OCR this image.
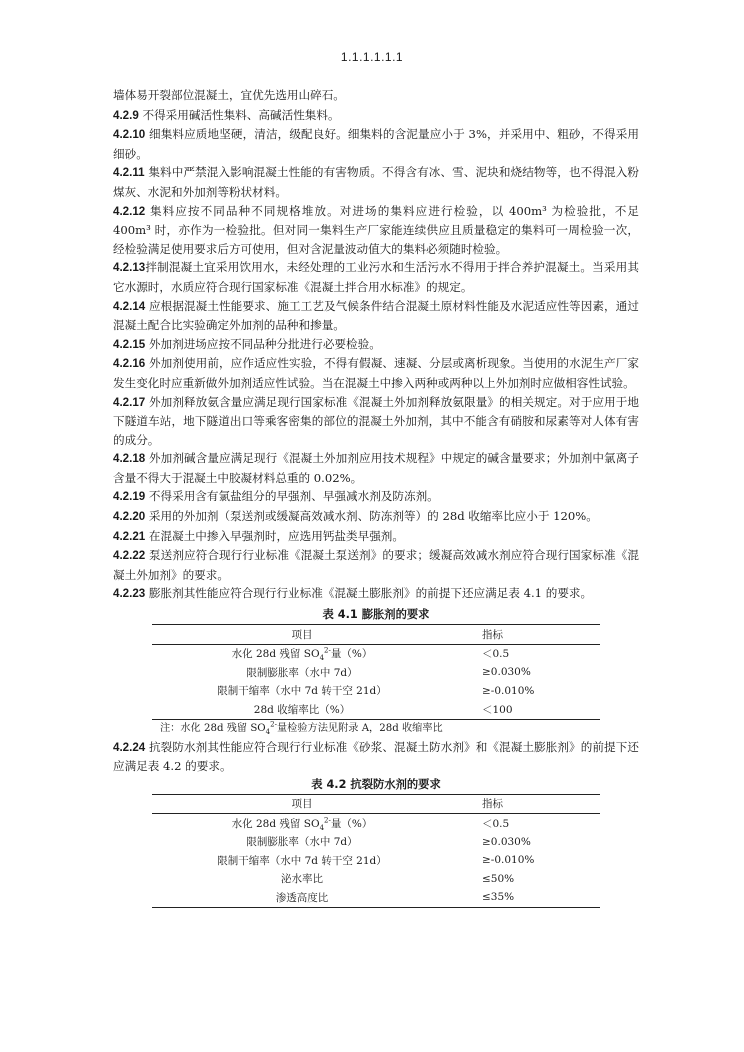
1.1.1.1.1.1

墙体易开裂部位混凝土，宜优先选用山碎石。

4.2.9 不得采用碱活性集料、高碱活性集料。

4.2.10 细集料应质地坚硬，清洁，级配良好。细集料的含泥量应小于 3%，并采用中、粗砂，不得采用细砂。

4.2.11 集料中严禁混入影响混凝土性能的有害物质。不得含有冰、雪、泥块和烧结物等，也不得混入粉煤灰、水泥和外加剂等粉状材料。

4.2.12 集料应按不同品种不同规格堆放。对进场的集料应进行检验，以 400m³ 为检验批，不足 400m³ 时，亦作为一检验批。但对同一集料生产厂家能连续供应且质量稳定的集料可一周检验一次，经检验满足使用要求后方可使用，但对含泥量波动值大的集料必须随时检验。

4.2.13拌制混凝土宜采用饮用水，未经处理的工业污水和生活污水不得用于拌合养护混凝土。当采用其它水源时，水质应符合现行国家标准《混凝土拌合用水标准》的规定。

4.2.14 应根据混凝土性能要求、施工工艺及气候条件结合混凝土原材料性能及水泥适应性等因素，通过混凝土配合比实验确定外加剂的品种和掺量。

4.2.15 外加剂进场应按不同品种分批进行必要检验。

4.2.16 外加剂使用前，应作适应性实验，不得有假凝、速凝、分层或离析现象。当使用的水泥生产厂家发生变化时应重新做外加剂适应性试验。当在混凝土中掺入两种或两种以上外加剂时应做相容性试验。

4.2.17 外加剂释放氨含量应满足现行国家标准《混凝土外加剂释放氨限量》的相关规定。对于应用于地下隧道车站，地下隧道出口等乘客密集的部位的混凝土外加剂，其中不能含有硝胺和尿素等对人体有害的成分。

4.2.18 外加剂碱含量应满足现行《混凝土外加剂应用技术规程》中规定的碱含量要求；外加剂中氯离子含量不得大于混凝土中胶凝材料总重的 0.02%。

4.2.19 不得采用含有氯盐组分的早强剂、早强减水剂及防冻剂。

4.2.20 采用的外加剂（泵送剂或缓凝高效减水剂、防冻剂等）的 28d 收缩率比应小于 120%。

4.2.21 在混凝土中掺入早强剂时，应选用钙盐类早强剂。

4.2.22 泵送剂应符合现行行业标准《混凝土泵送剂》的要求；缓凝高效减水剂应符合现行国家标准《混凝土外加剂》的要求。

4.2.23 膨胀剂其性能应符合现行行业标准《混凝土膨胀剂》的前提下还应满足表 4.1 的要求。

表 4.1 膨胀剂的要求

项目	指标
水化 28d 残留 $SO_4^{2-}$量（%）	＜0.5
限制膨胀率（水中 7d）	≥0.030%
限制干缩率（水中 7d 转干空 21d）	≥-0.010%
28d 收缩率比（%）	＜100

注：水化 28d 残留 $SO_4^{2-}$量检验方法见附录 A，28d 收缩率比

4.2.24 抗裂防水剂其性能应符合现行行业标准《砂浆、混凝土防水剂》和《混凝土膨胀剂》的前提下还应满足表 4.2 的要求。

表 4.2 抗裂防水剂的要求

项目	指标
水化 28d 残留 $SO_4^{2-}$量（%）	＜0.5
限制膨胀率（水中 7d）	≥0.030%
限制干缩率（水中 7d 转干空 21d）	≥-0.010%
泌水率比	≤50%
渗透高度比	≤35%
